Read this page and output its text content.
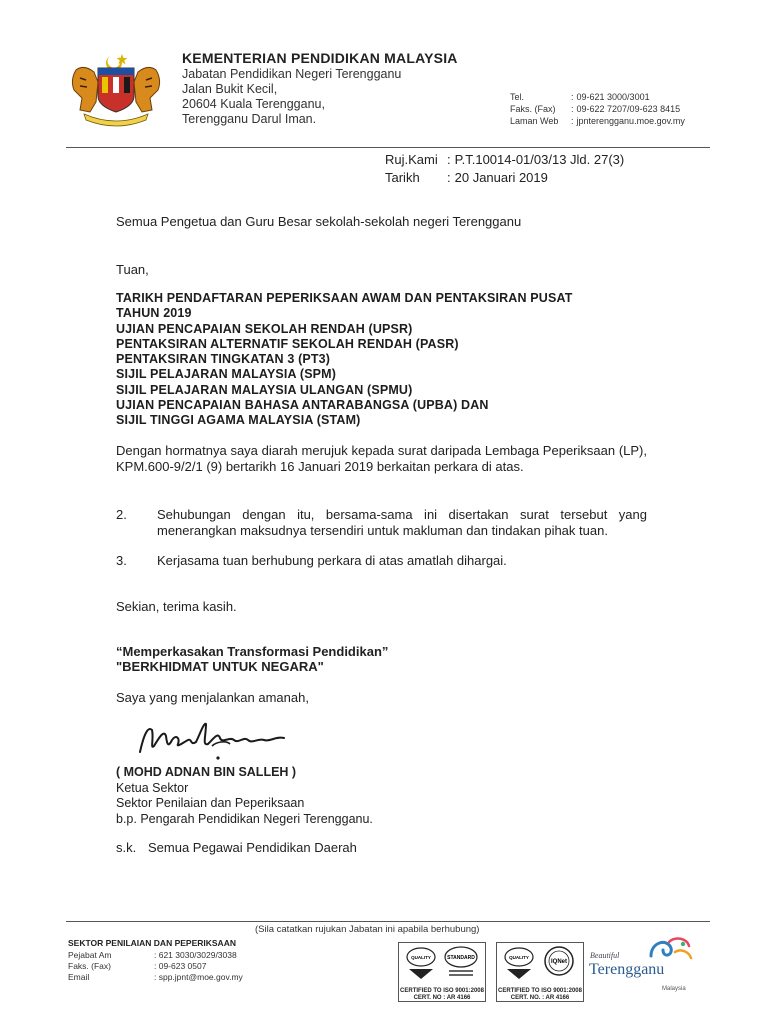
KEMENTERIAN PENDIDIKAN MALAYSIA
Jabatan Pendidikan Negeri Terengganu
Jalan Bukit Kecil,
20604 Kuala Terengganu,
Terengganu Darul Iman.
Tel.	:	09-621 3000/3001
Faks. (Fax)	:	09-622 7207/09-623 8415
Laman Web	:	jpnterengganu.moe.gov.my
Ruj.Kami	:	P.T.10014-01/03/13 Jld. 27(3)
Tarikh	:	20 Januari 2019
Semua Pengetua dan Guru Besar sekolah-sekolah negeri Terengganu
Tuan,
TARIKH PENDAFTARAN PEPERIKSAAN AWAM DAN PENTAKSIRAN PUSAT
TAHUN 2019
UJIAN PENCAPAIAN SEKOLAH RENDAH (UPSR)
PENTAKSIRAN ALTERNATIF SEKOLAH RENDAH (PASR)
PENTAKSIRAN TINGKATAN 3 (PT3)
SIJIL PELAJARAN MALAYSIA (SPM)
SIJIL PELAJARAN MALAYSIA ULANGAN (SPMU)
UJIAN PENCAPAIAN BAHASA ANTARABANGSA (UPBA) DAN
SIJIL TINGGI AGAMA MALAYSIA (STAM)
Dengan hormatnya saya diarah merujuk kepada surat daripada Lembaga Peperiksaan (LP), KPM.600-9/2/1 (9) bertarikh 16 Januari 2019 berkaitan perkara di atas.
2. Sehubungan dengan itu, bersama-sama ini disertakan surat tersebut yang menerangkan maksudnya tersendiri untuk makluman dan tindakan pihak tuan.
3. Kerjasama tuan berhubung perkara di atas amatlah dihargai.
Sekian, terima kasih.
“Memperkasakan Transformasi Pendidikan”
"BERKHIDMAT UNTUK NEGARA"
Saya yang menjalankan amanah,
( MOHD ADNAN BIN SALLEH )
Ketua Sektor
Sektor Penilaian dan Peperiksaan
b.p. Pengarah Pendidikan Negeri Terengganu.
s.k. Semua Pegawai Pendidikan Daerah
(Sila catatkan rujukan Jabatan ini apabila berhubung)
SEKTOR PENILAIAN DAN PEPERIKSAAN
Pejabat Am	: 621 3030/3029/3038
Faks. (Fax)	: 09-623 0507
Email	: spp.jpnt@moe.gov.my
QUALITY	STANDARD
CERTIFIED TO ISO 9001:2008
CERT. NO : AR 4166
QUALITY
IQNet
CERTIFIED TO ISO 9001:2008
CERT. NO. : AR 4166
Beautiful
Terengganu
Malaysia
